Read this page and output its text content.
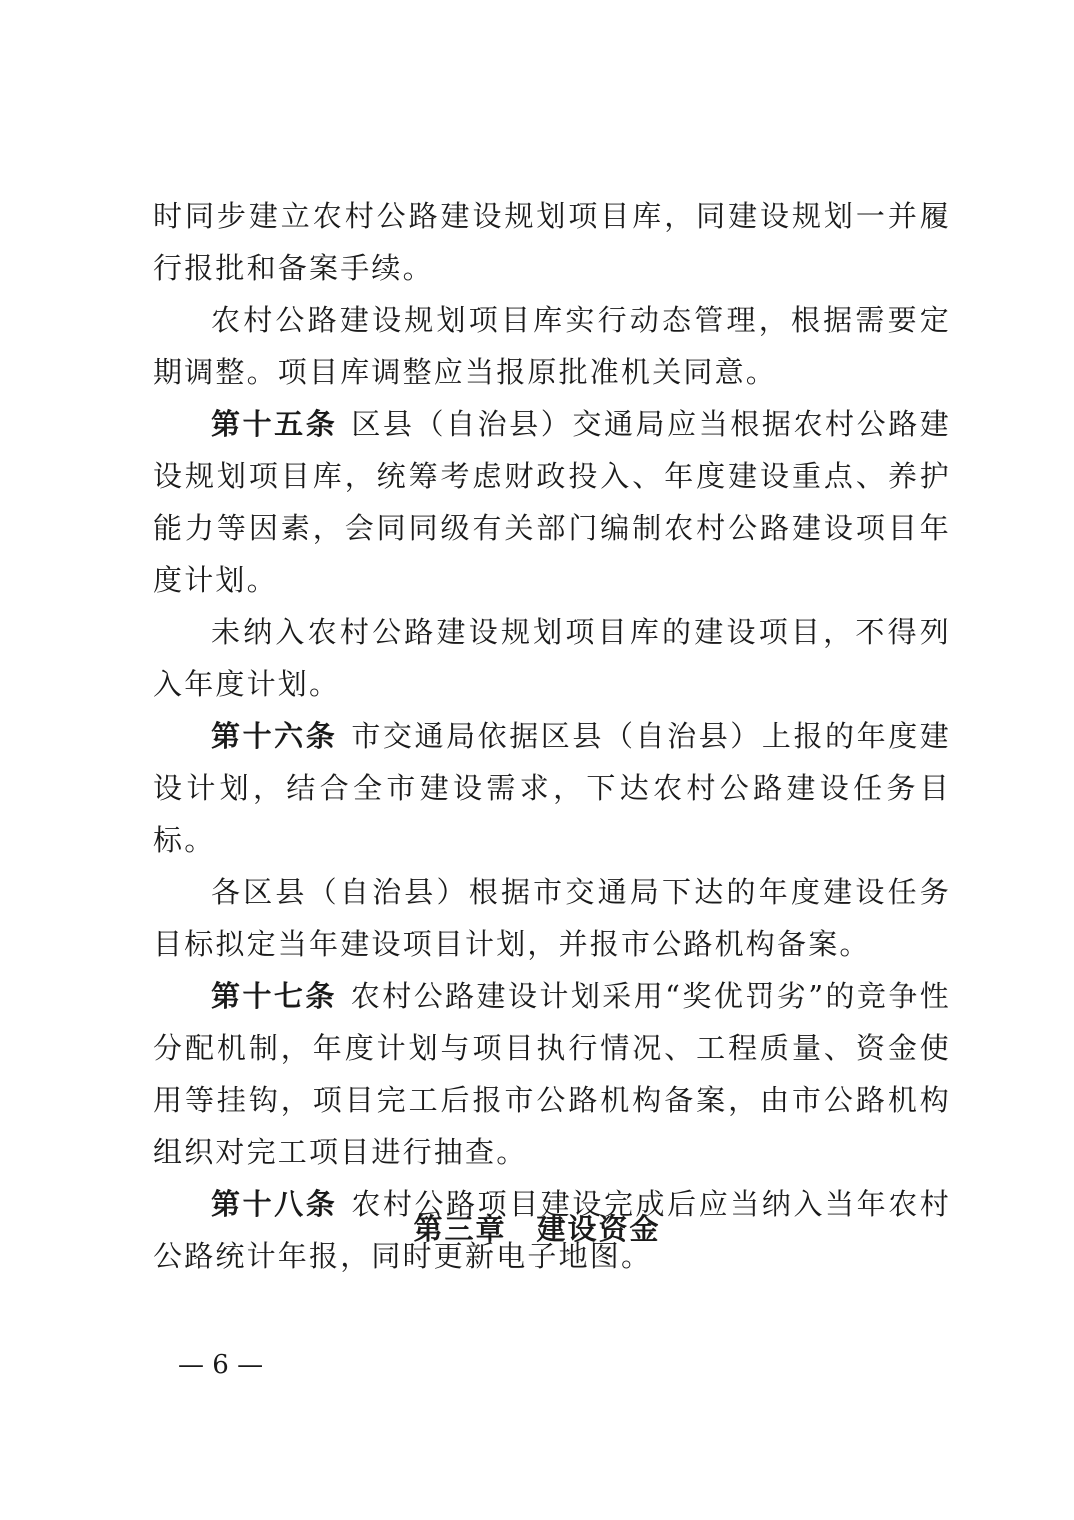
时同步建立农村公路建设规划项目库，同建设规划一并履行报批和备案手续。

农村公路建设规划项目库实行动态管理，根据需要定期调整。项目库调整应当报原批准机关同意。

第十五条 区县（自治县）交通局应当根据农村公路建设规划项目库，统筹考虑财政投入、年度建设重点、养护能力等因素，会同同级有关部门编制农村公路建设项目年度计划。

未纳入农村公路建设规划项目库的建设项目，不得列入年度计划。

第十六条 市交通局依据区县（自治县）上报的年度建设计划，结合全市建设需求，下达农村公路建设任务目标。

各区县（自治县）根据市交通局下达的年度建设任务目标拟定当年建设项目计划，并报市公路机构备案。

第十七条 农村公路建设计划采用“奖优罚劣”的竞争性分配机制，年度计划与项目执行情况、工程质量、资金使用等挂钩，项目完工后报市公路机构备案，由市公路机构组织对完工项目进行抽查。

第十八条 农村公路项目建设完成后应当纳入当年农村公路统计年报，同时更新电子地图。

第三章 建设资金
— 6 —
